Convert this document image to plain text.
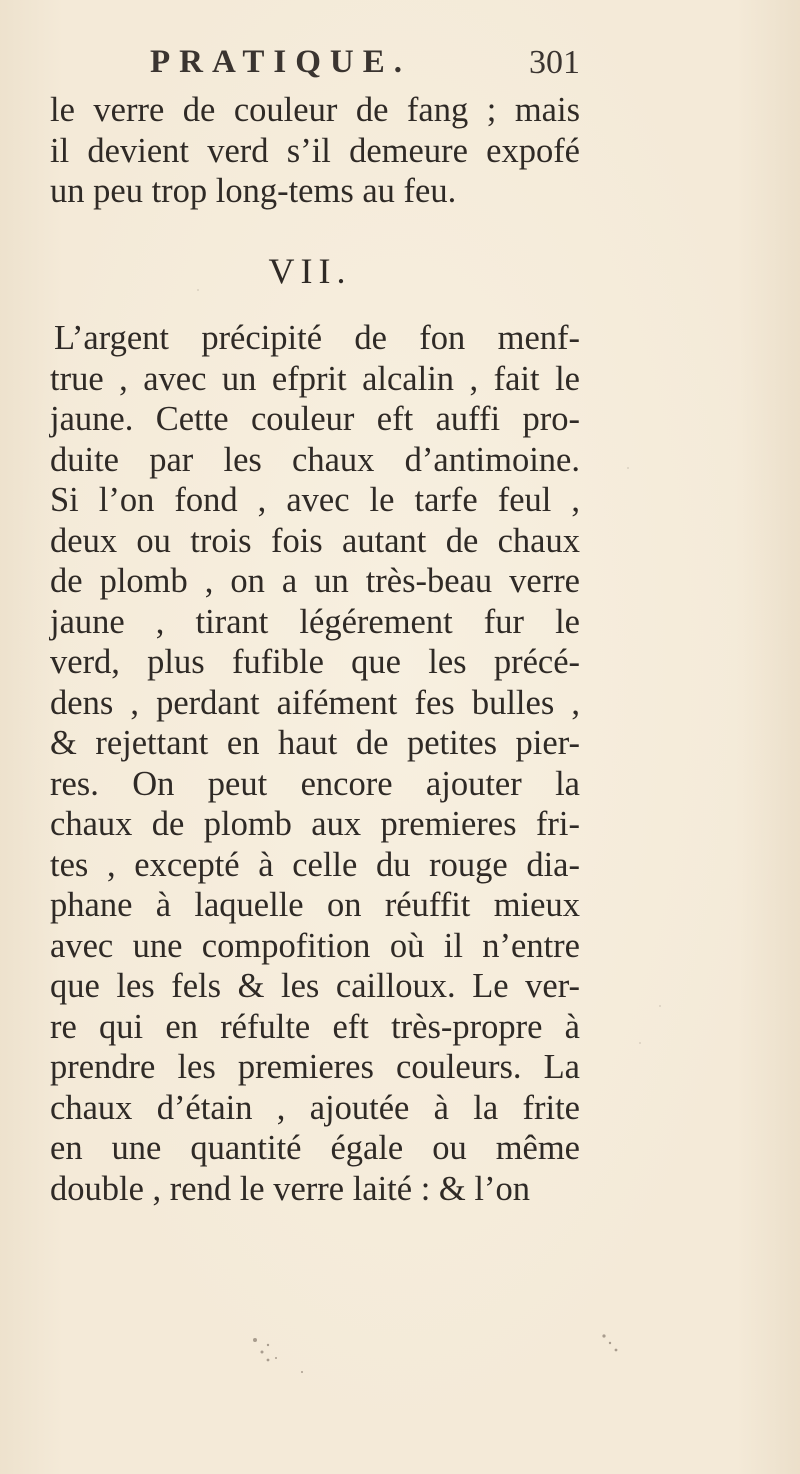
PRATIQUE.	301
le verre de couleur de fang ; mais
il devient verd s’il demeure expofé
un peu trop long-tems au feu.
VII.
L’argent précipité de fon menf-
true , avec un efprit alcalin , fait le
jaune. Cette couleur eft auffi pro-
duite par les chaux d’antimoine.
Si l’on fond , avec le tarfe feul ,
deux ou trois fois autant de chaux
de plomb , on a un très-beau verre
jaune , tirant légérement fur le
verd, plus fufible que les précé-
dens , perdant aifément fes bulles ,
& rejettant en haut de petites pier-
res. On peut encore ajouter la
chaux de plomb aux premieres fri-
tes , excepté à celle du rouge dia-
phane à laquelle on réuffit mieux
avec une compofition où il n’entre
que les fels & les cailloux. Le ver-
re qui en réfulte eft très-propre à
prendre les premieres couleurs. La
chaux d’étain , ajoutée à la frite
en une quantité égale ou même
double , rend le verre laité : & l’on
